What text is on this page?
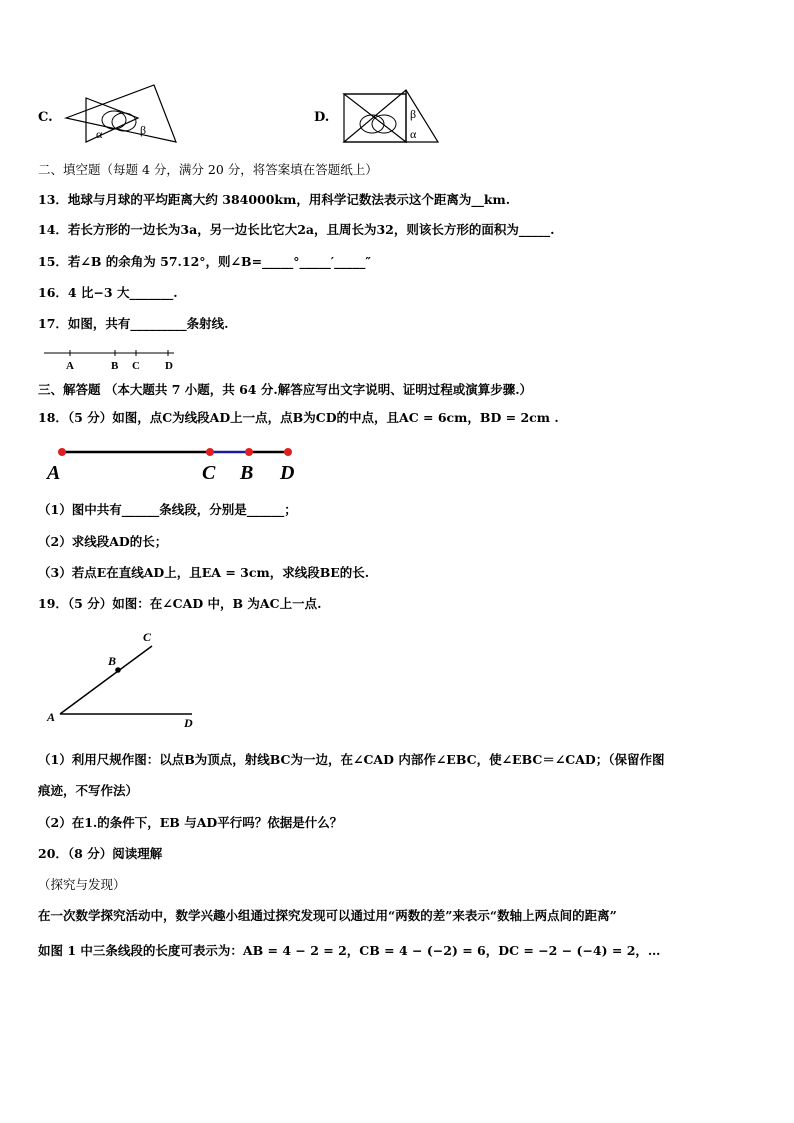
C.
α	β
D.	β
α
二、填空题（每题 4 分，满分 20 分，将答案填在答题纸上）
13．地球与月球的平均距离大约 384000km，用科学记数法表示这个距离为__km.
14．若长方形的一边长为3a，另一边长比它大2a，且周长为32，则该长方形的面积为_____.
15．若∠B 的余角为 57.12°，则∠B=_____°_____′_____″
16．4 比−3 大_______.
17．如图，共有_________条射线.
A	B C D
三、解答题 （本大题共 7 小题，共 64 分.解答应写出文字说明、证明过程或演算步骤.）
18．（5 分）如图，点C为线段AD上一点，点B为CD的中点，且AC = 6cm，BD = 2cm .
A	C B D
（1）图中共有______条线段，分别是______；
（2）求线段AD的长；
（3）若点E在直线AD上，且EA = 3cm，求线段BE的长.
19．（5 分）如图：在∠CAD 中，B 为AC上一点.
C
B
A	D
（1）利用尺规作图：以点B为顶点，射线BC为一边，在∠CAD 内部作∠EBC，使∠EBC＝∠CAD；（保留作图
痕迹，不写作法）
（2）在1.的条件下，EB 与AD平行吗？依据是什么？
20．（8 分）阅读理解
（探究与发现）
在一次数学探究活动中，数学兴趣小组通过探究发现可以通过用“两数的差”来表示“数轴上两点间的距离”
如图 1 中三条线段的长度可表示为：AB = 4 − 2 = 2，CB = 4 − (−2) = 6，DC = −2 − (−4) = 2，…
